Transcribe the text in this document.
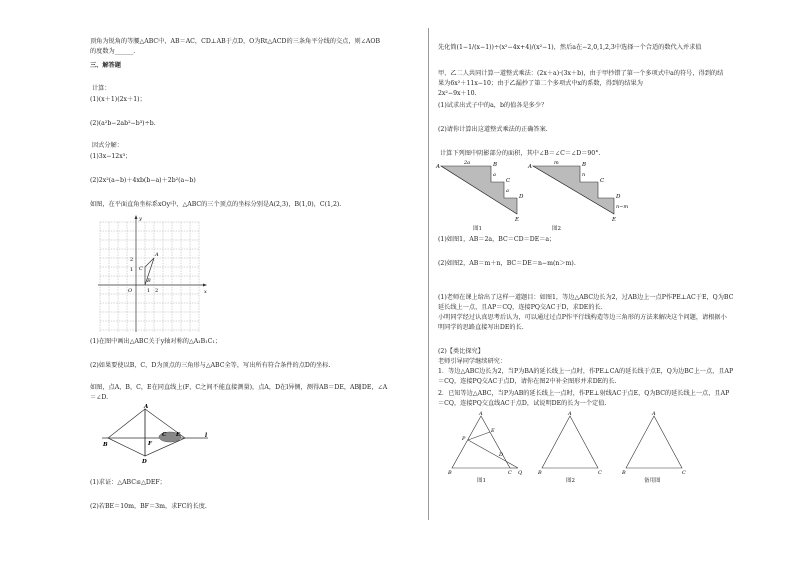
顶角为锐角的等腰△ABC中，AB＝AC，CD⊥AB于点D，O为Rt△ACD的三条角平分线的交点，则∠AOB
的度数为______.
三、解答题
计算：
(1)(x＋1)(2x＋1)；
(2)(a²b−2ab²−b³)÷b.
因式分解：
(1)3x−12x³；
(2)2x²(a−b)＋4xb(b−a)＋2b²(a−b)
如图，在平面直角坐标系xOy中，△ABC的三个顶点的坐标分别是A(2,3)，B(1,0)，C(1,2).
y
x
O	1 2
2
1
A
C
B
(1)在图中画出△ABC关于y轴对称的△A₁B₁C₁；
(2)如果要使以B，C，D为顶点的三角形与△ABC全等，写出所有符合条件的点D的坐标.
如图，点A，B，C，E在同直线上(F，C之间不能直接测量)，点A，D在l异侧，测得AB＝DE，AB∥DE，∠A
＝∠D.
A
B	F
C E
D
l
(1)求证：△ABC≌△DEF；
(2)若BE＝10m，BF＝3m，求FC的长度.
先化简(1−1/(x−1))÷(x²−4x+4)/(x²−1)，然后a在−2,0,1,2,3中选择一个合适的数代入并求值
甲、乙二人共同计算一道整式乘法：(2x＋a)·(3x＋b)，由于甲抄错了第一个多项式中a的符号，得到的结
果为6x²＋11x−10；由于乙漏抄了第二个多项式中x的系数，得到的结果为
2x²−9x＋10.
(1)试求出式子中的a，b的值各是多少？
(2)请你计算出这道整式乘法的正确答案.
计算下列图中阴影部分的面积，其中∠B＝∠C＝∠D＝90°.
A	B
C
D
E
2a
a
a
图1
A	B
C
D
E
m
n
n−m
图2
(1)如图1，AB＝2a，BC＝CD＝DE＝a；
(2)如图2，AB＝m＋n，BC＝DE＝n−m(n＞m).
(1)老师在课上给出了这样一道题目：如图1，等边△ABC边长为2，过AB边上一点P作PE⊥AC于E，Q为BC
延长线上一点，且AP＝CQ，连接PQ交AC于D，求DE的长.
小明同学经过认真思考后认为，可以通过过点P作平行线构造等边三角形的方法来解决这个问题，请根据小
明同学的思路直接写出DE的长.
(2)【类比探究】
老师引导同学继续研究：
1．等边△ABC边长为2，当P为BA的延长线上一点时，作PE⊥CA的延长线于点E，Q为边BC上一点，且AP
＝CQ，连接PQ交AC于点D，请你在图2中补全图形并求DE的长.
2．已知等边△ABC，当P为AB的延长线上一点时，作PE⊥射线AC于点E，Q为BC的延长线上一点，且AP
＝CQ，连接PQ交直线AC于点D，试说明DE的长为一个定值.
A
P
E
D
B	C Q
图1
A
B	C
图2
A
B	C
备用图
